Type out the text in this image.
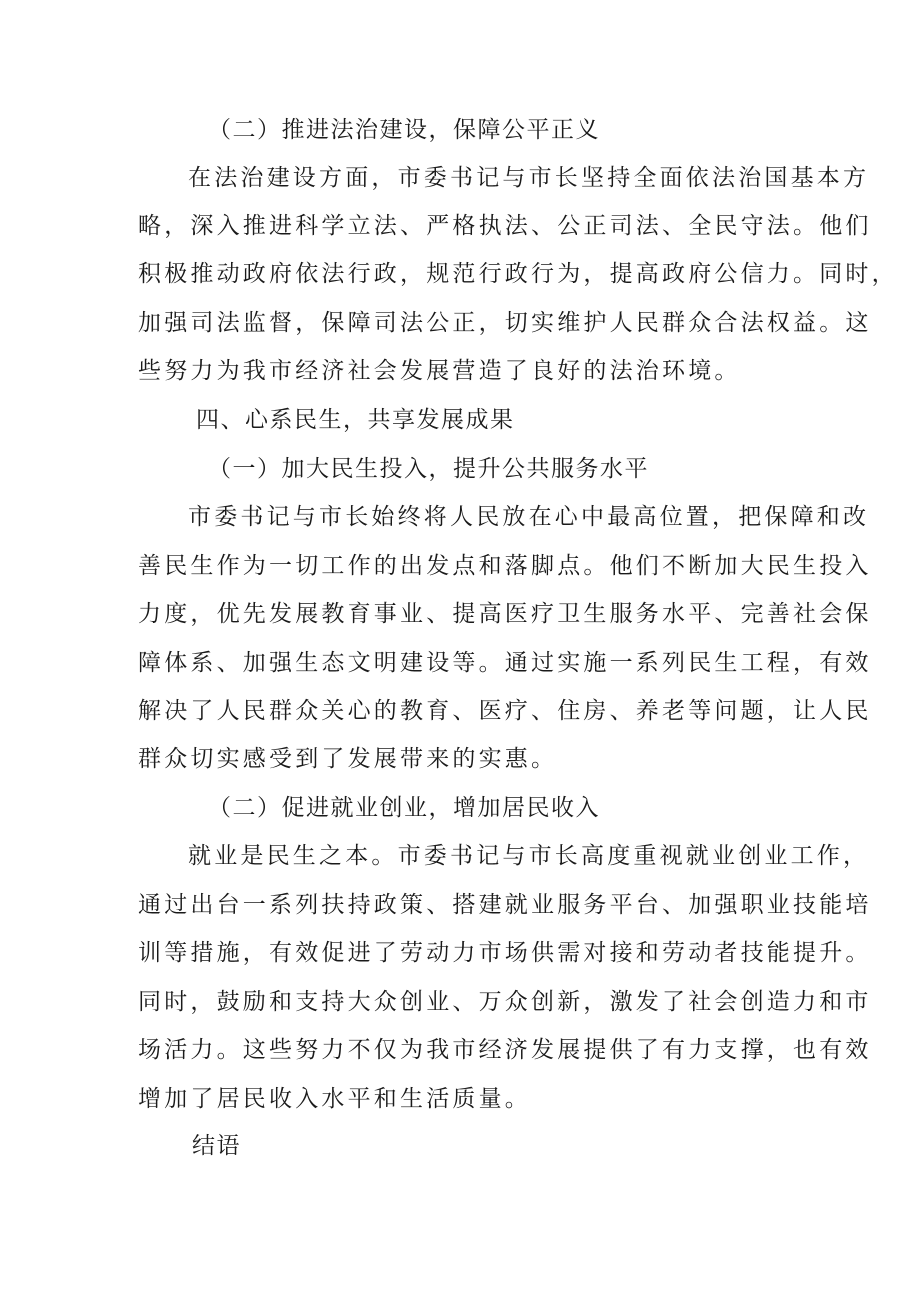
（二）推进法治建设，保障公平正义
在法治建设方面，市委书记与市长坚持全面依法治国基本方
略，深入推进科学立法、严格执法、公正司法、全民守法。他们
积极推动政府依法行政，规范行政行为，提高政府公信力。同时，
加强司法监督，保障司法公正，切实维护人民群众合法权益。这
些努力为我市经济社会发展营造了良好的法治环境。
四、心系民生，共享发展成果
（一）加大民生投入，提升公共服务水平
市委书记与市长始终将人民放在心中最高位置，把保障和改
善民生作为一切工作的出发点和落脚点。他们不断加大民生投入
力度，优先发展教育事业、提高医疗卫生服务水平、完善社会保
障体系、加强生态文明建设等。通过实施一系列民生工程，有效
解决了人民群众关心的教育、医疗、住房、养老等问题，让人民
群众切实感受到了发展带来的实惠。
（二）促进就业创业，增加居民收入
就业是民生之本。市委书记与市长高度重视就业创业工作，
通过出台一系列扶持政策、搭建就业服务平台、加强职业技能培
训等措施，有效促进了劳动力市场供需对接和劳动者技能提升。
同时，鼓励和支持大众创业、万众创新，激发了社会创造力和市
场活力。这些努力不仅为我市经济发展提供了有力支撑，也有效
增加了居民收入水平和生活质量。
结语
